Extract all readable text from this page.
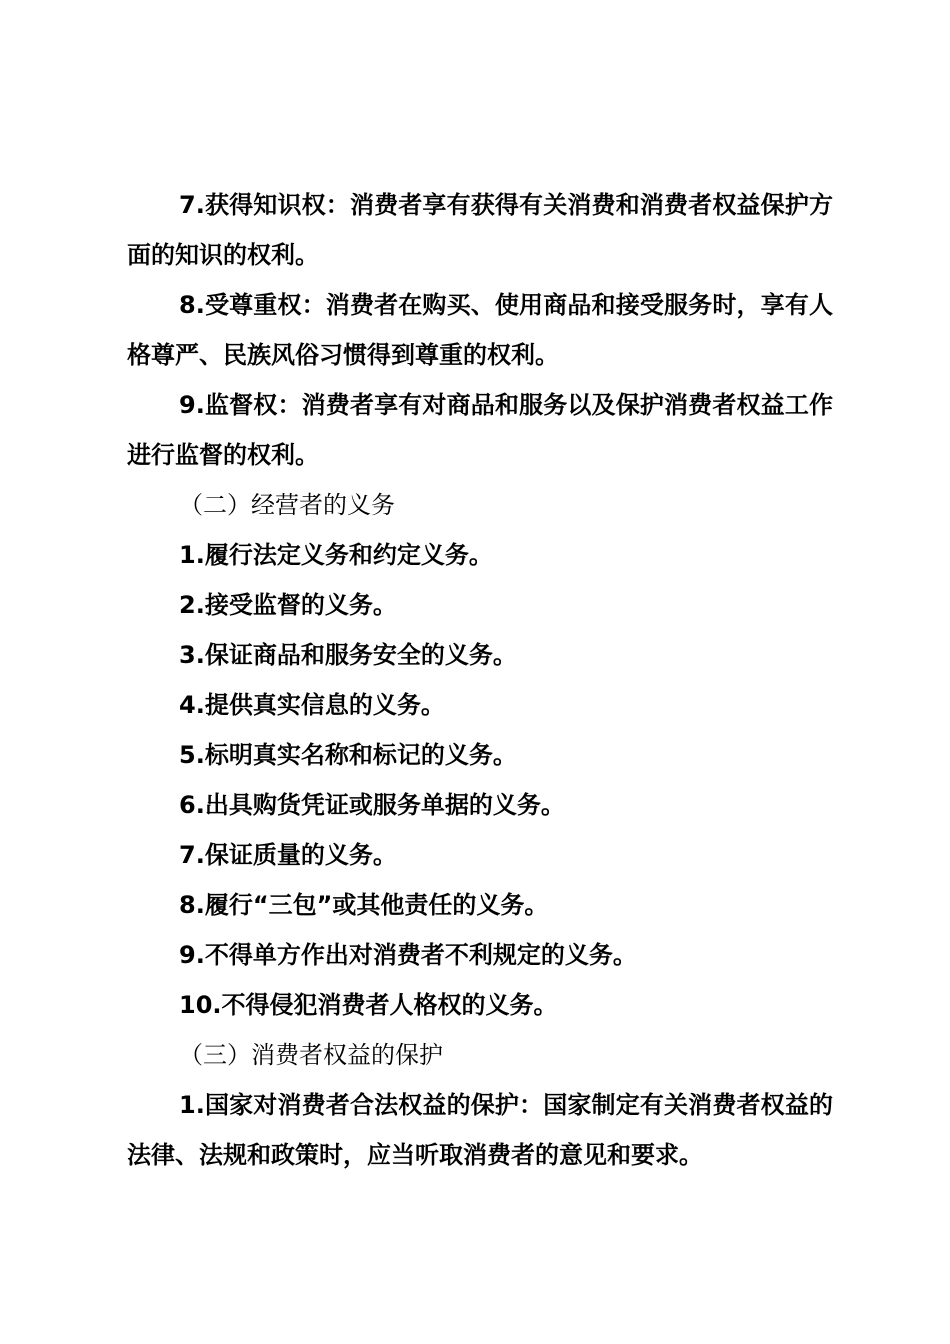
7.获得知识权：消费者享有获得有关消费和消费者权益保护方面的知识的权利。

8.受尊重权：消费者在购买、使用商品和接受服务时，享有人格尊严、民族风俗习惯得到尊重的权利。

9.监督权：消费者享有对商品和服务以及保护消费者权益工作进行监督的权利。

（二）经营者的义务

1.履行法定义务和约定义务。

2.接受监督的义务。

3.保证商品和服务安全的义务。

4.提供真实信息的义务。

5.标明真实名称和标记的义务。

6.出具购货凭证或服务单据的义务。

7.保证质量的义务。

8.履行“三包”或其他责任的义务。

9.不得单方作出对消费者不利规定的义务。

10.不得侵犯消费者人格权的义务。

（三）消费者权益的保护

1.国家对消费者合法权益的保护：国家制定有关消费者权益的法律、法规和政策时，应当听取消费者的意见和要求。
